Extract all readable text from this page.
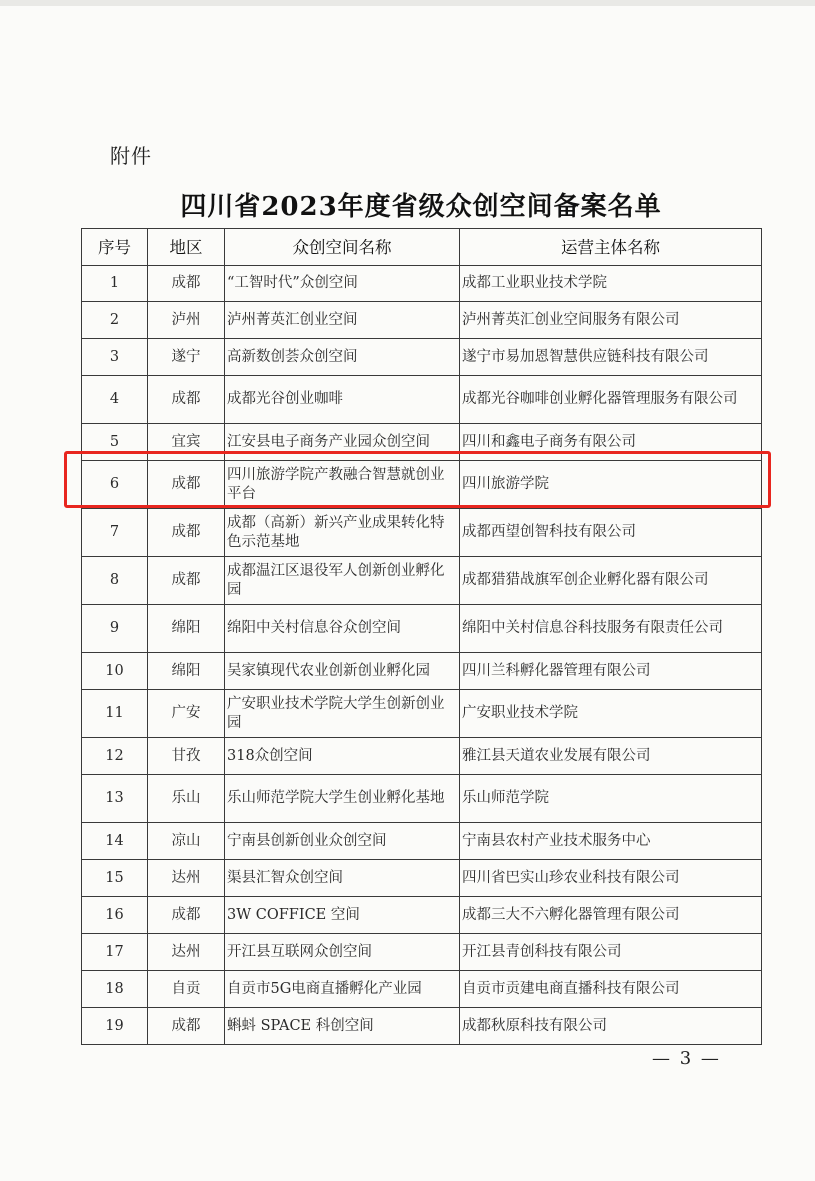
附件
四川省2023年度省级众创空间备案名单
序号	地区	众创空间名称	运营主体名称
1	成都	“工智时代”众创空间	成都工业职业技术学院
2	泸州	泸州菁英汇创业空间	泸州菁英汇创业空间服务有限公司
3	遂宁	高新数创荟众创空间	遂宁市易加恩智慧供应链科技有限公司
4	成都	成都光谷创业咖啡	成都光谷咖啡创业孵化器管理服务有限公司
5	宜宾	江安县电子商务产业园众创空间	四川和鑫电子商务有限公司
6	成都	四川旅游学院产教融合智慧就创业平台	四川旅游学院
7	成都	成都（高新）新兴产业成果转化特色示范基地	成都西望创智科技有限公司
8	成都	成都温江区退役军人创新创业孵化园	成都猎猎战旗军创企业孵化器有限公司
9	绵阳	绵阳中关村信息谷众创空间	绵阳中关村信息谷科技服务有限责任公司
10	绵阳	吴家镇现代农业创新创业孵化园	四川兰科孵化器管理有限公司
11	广安	广安职业技术学院大学生创新创业园	广安职业技术学院
12	甘孜	318众创空间	雅江县天道农业发展有限公司
13	乐山	乐山师范学院大学生创业孵化基地	乐山师范学院
14	凉山	宁南县创新创业众创空间	宁南县农村产业技术服务中心
15	达州	渠县汇智众创空间	四川省巴实山珍农业科技有限公司
16	成都	3W COFFICE 空间	成都三大不六孵化器管理有限公司
17	达州	开江县互联网众创空间	开江县青创科技有限公司
18	自贡	自贡市5G电商直播孵化产业园	自贡市贡建电商直播科技有限公司
19	成都	蝌蚪 SPACE 科创空间	成都秋原科技有限公司
— 3 —
